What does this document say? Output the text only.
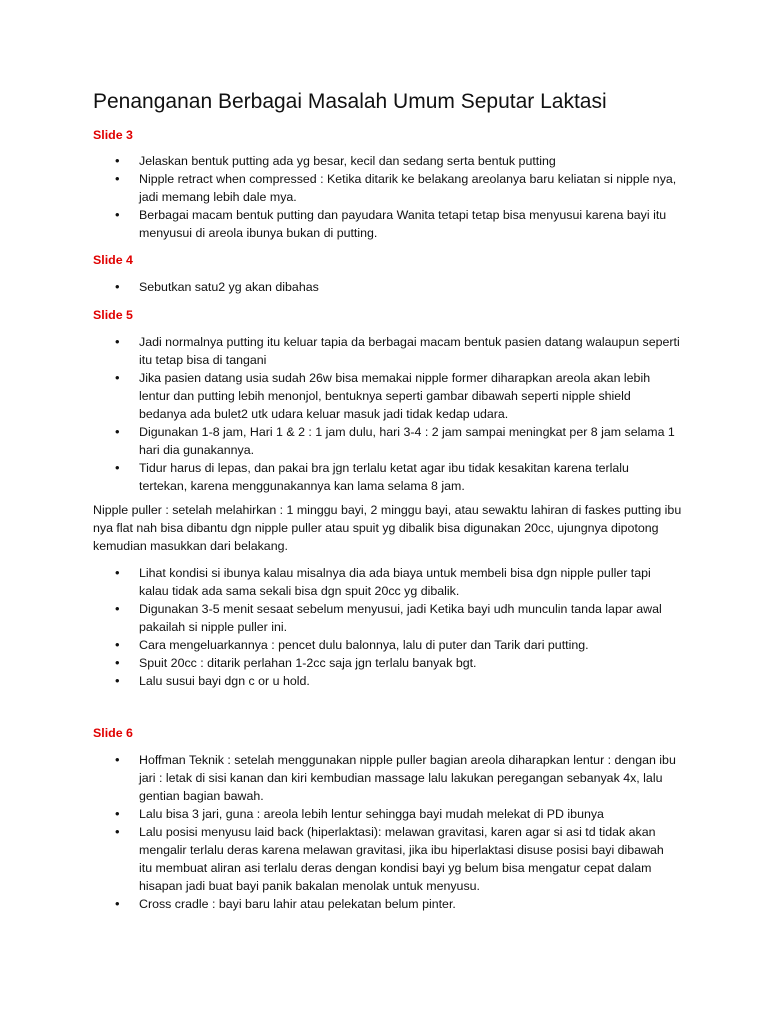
Penanganan Berbagai Masalah Umum Seputar Laktasi

Slide 3

• Jelaskan bentuk putting ada yg besar, kecil dan sedang serta bentuk putting
• Nipple retract when compressed : Ketika ditarik ke belakang areolanya baru keliatan si nipple nya, jadi memang lebih dale mya.
• Berbagai macam bentuk putting dan payudara Wanita tetapi tetap bisa menyusui karena bayi itu menyusui di areola ibunya bukan di putting.

Slide 4

• Sebutkan satu2 yg akan dibahas

Slide 5

• Jadi normalnya putting itu keluar tapia da berbagai macam bentuk pasien datang walaupun seperti itu tetap bisa di tangani
• Jika pasien datang usia sudah 26w bisa memakai nipple former diharapkan areola akan lebih lentur dan putting lebih menonjol, bentuknya seperti gambar dibawah seperti nipple shield bedanya ada bulet2 utk udara keluar masuk jadi tidak kedap udara.
• Digunakan 1-8 jam, Hari 1 & 2 : 1 jam dulu, hari 3-4 : 2 jam sampai meningkat per 8 jam selama 1 hari dia gunakannya.
• Tidur harus di lepas, dan pakai bra jgn terlalu ketat agar ibu tidak kesakitan karena terlalu tertekan, karena menggunakannya kan lama selama 8 jam.

Nipple puller : setelah melahirkan : 1 minggu bayi, 2 minggu bayi, atau sewaktu lahiran di faskes putting ibu nya flat nah bisa dibantu dgn nipple puller atau spuit yg dibalik bisa digunakan 20cc, ujungnya dipotong kemudian masukkan dari belakang.

• Lihat kondisi si ibunya kalau misalnya dia ada biaya untuk membeli bisa dgn nipple puller tapi kalau tidak ada sama sekali bisa dgn spuit 20cc yg dibalik.
• Digunakan 3-5 menit sesaat sebelum menyusui, jadi Ketika bayi udh munculin tanda lapar awal pakailah si nipple puller ini.
• Cara mengeluarkannya : pencet dulu balonnya, lalu di puter dan Tarik dari putting.
• Spuit 20cc : ditarik perlahan 1-2cc saja jgn terlalu banyak bgt.
• Lalu susui bayi dgn c or u hold.

Slide 6

• Hoffman Teknik : setelah menggunakan nipple puller bagian areola diharapkan lentur : dengan ibu jari : letak di sisi kanan dan kiri kembudian massage lalu lakukan peregangan sebanyak 4x, lalu gentian bagian bawah.
• Lalu bisa 3 jari, guna : areola lebih lentur sehingga bayi mudah melekat di PD ibunya
• Lalu posisi menyusu laid back (hiperlaktasi): melawan gravitasi, karen agar si asi td tidak akan mengalir terlalu deras karena melawan gravitasi, jika ibu hiperlaktasi disuse posisi bayi dibawah itu membuat aliran asi terlalu deras dengan kondisi bayi yg belum bisa mengatur cepat dalam hisapan jadi buat bayi panik bakalan menolak untuk menyusu.
• Cross cradle : bayi baru lahir atau pelekatan belum pinter.
